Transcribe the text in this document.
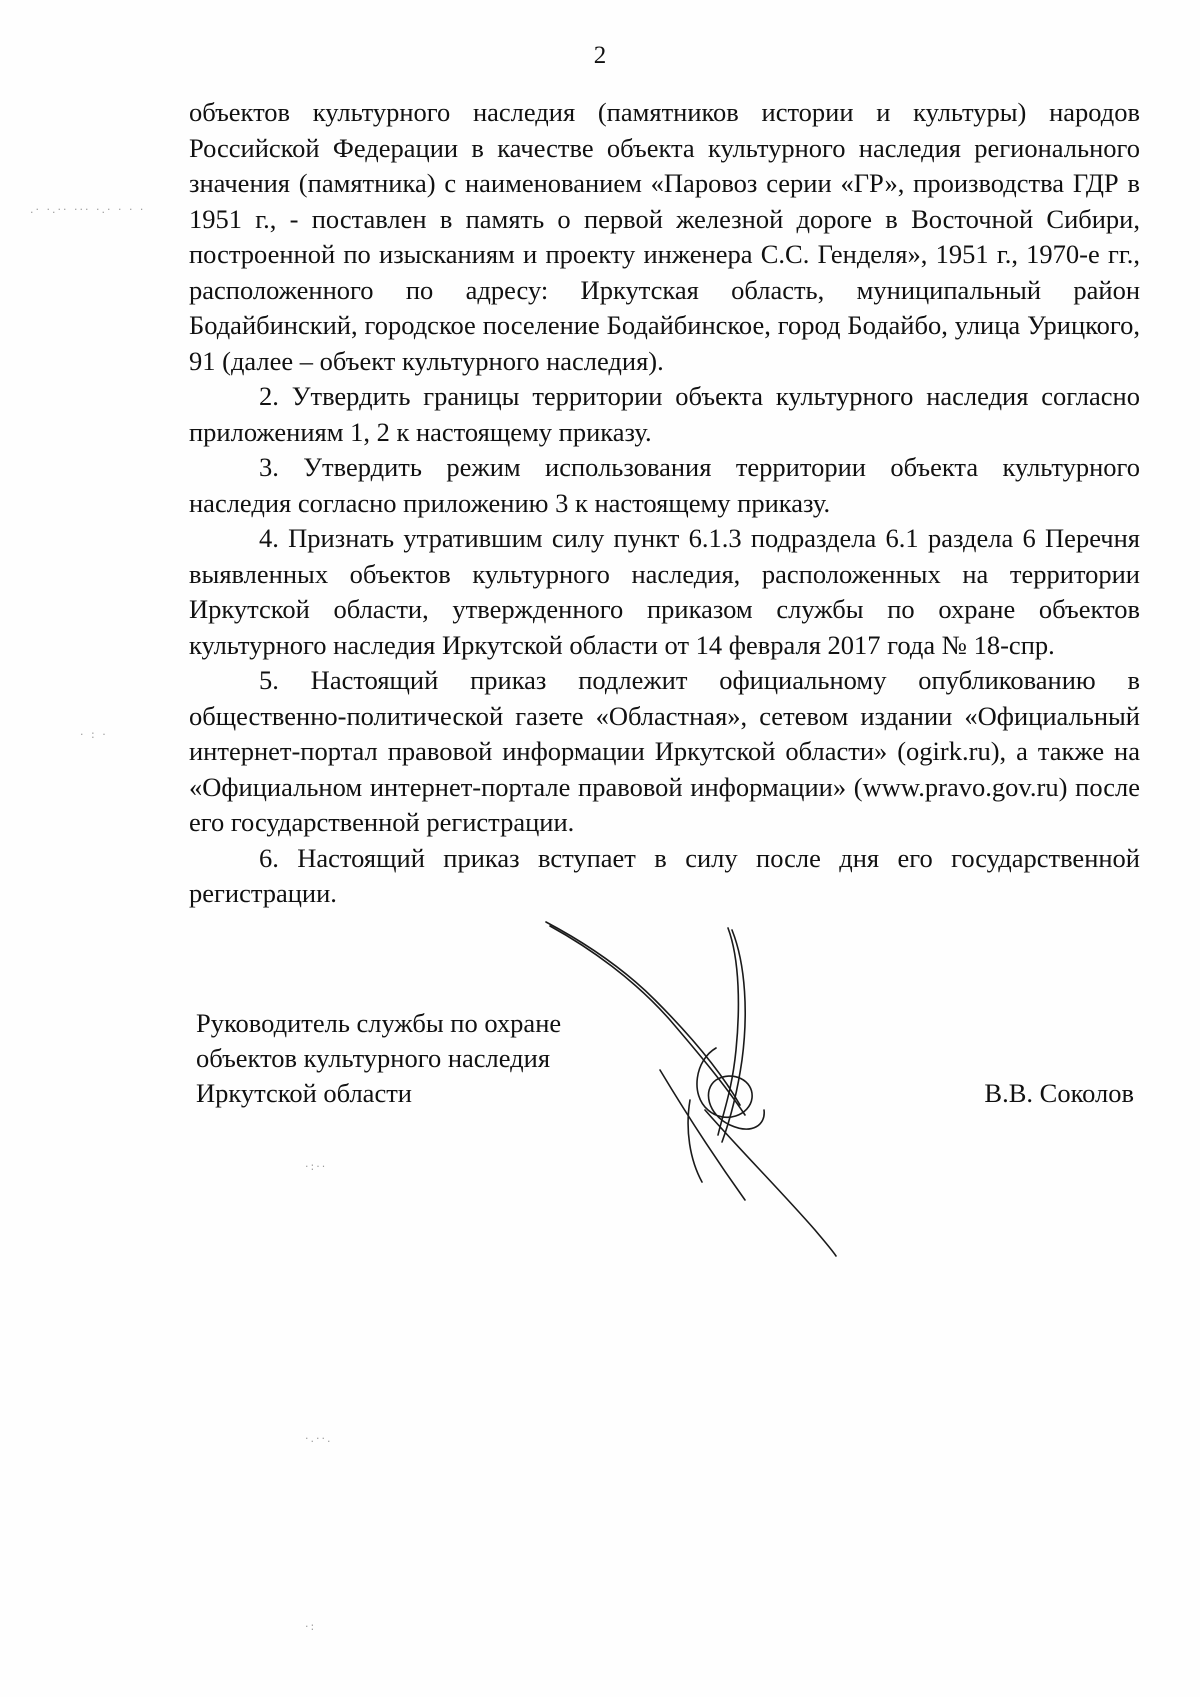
2
.· ·.·· ··· ·.· · · ·
· : ·
·:··
·.··.
·:

объектов культурного наследия (памятников истории и культуры) народов Российской Федерации в качестве объекта культурного наследия регионального значения (памятника) с наименованием «Паровоз серии «ГР», производства ГДР в 1951 г., - поставлен в память о первой железной дороге в Восточной Сибири, построенной по изысканиям и проекту инженера С.С. Генделя», 1951 г., 1970-е гг., расположенного по адресу: Иркутская область, муниципальный район Бодайбинский, городское поселение Бодайбинское, город Бодайбо, улица Урицкого, 91 (далее – объект культурного наследия).

2. Утвердить границы территории объекта культурного наследия согласно приложениям 1, 2 к настоящему приказу.

3. Утвердить режим использования территории объекта культурного наследия согласно приложению 3 к настоящему приказу.

4. Признать утратившим силу пункт 6.1.3 подраздела 6.1 раздела 6 Перечня выявленных объектов культурного наследия, расположенных на территории Иркутской области, утвержденного приказом службы по охране объектов культурного наследия Иркутской области от 14 февраля 2017 года № 18-спр.

5. Настоящий приказ подлежит официальному опубликованию в общественно-политической газете «Областная», сетевом издании «Официальный интернет-портал правовой информации Иркутской области» (ogirk.ru), а также на «Официальном интернет-портале правовой информации» (www.pravo.gov.ru) после его государственной регистрации.

6. Настоящий приказ вступает в силу после дня его государственной регистрации.

Руководитель службы по охране
объектов культурного наследия
Иркутской области	В.В. Соколов
